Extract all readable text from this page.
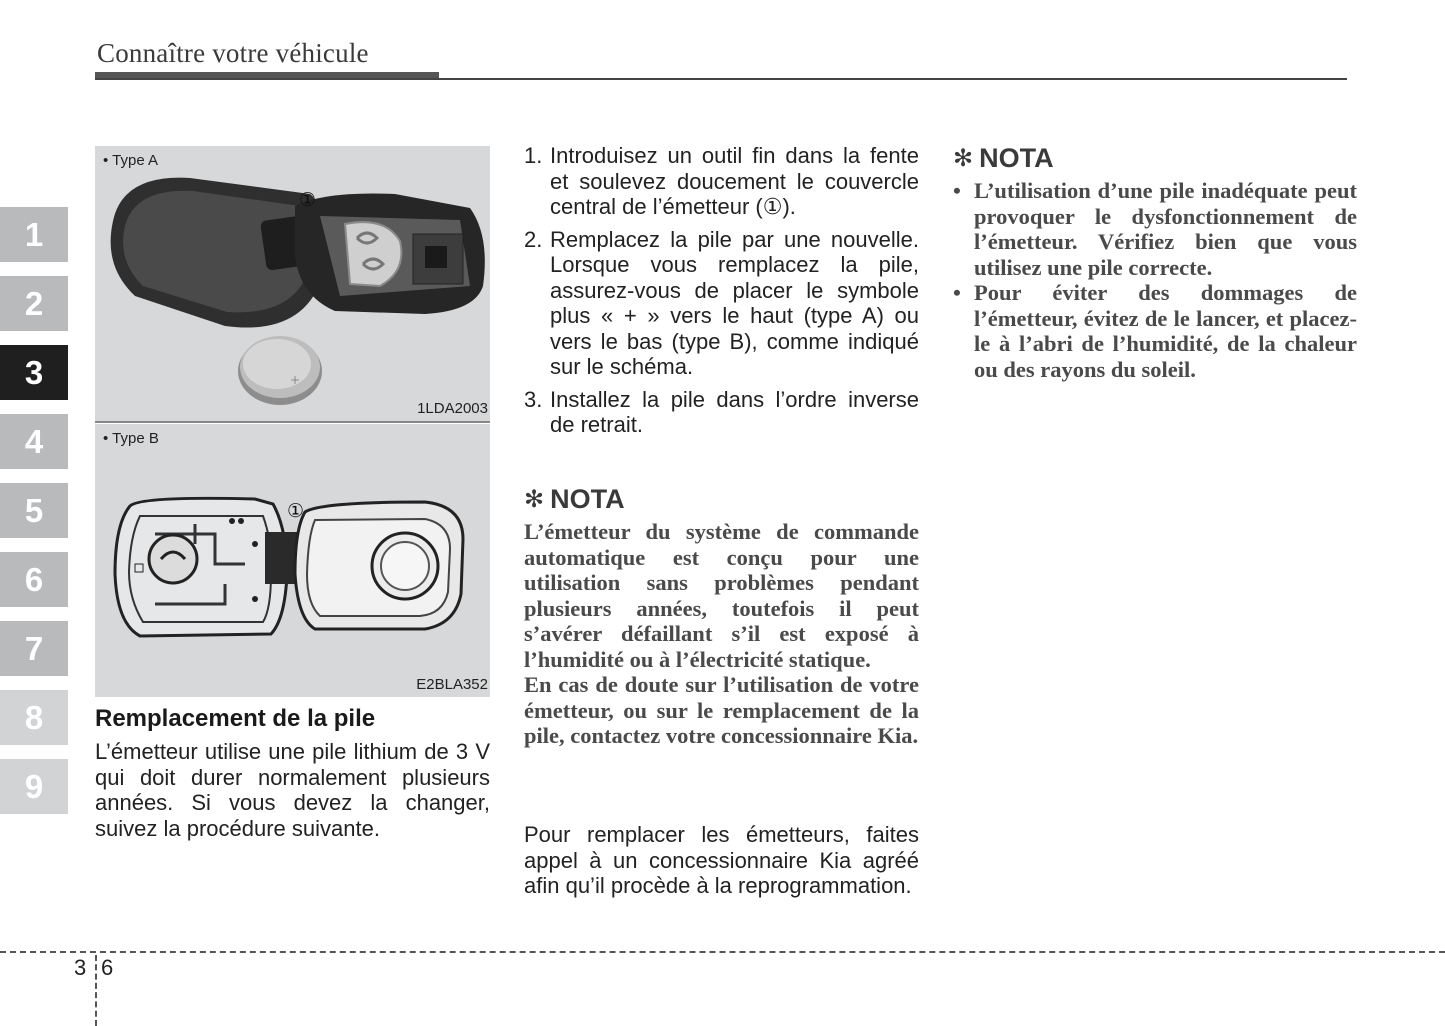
Connaître votre véhicule
1
2
3
4
5
6
7
8
9
+
• Type A
①
1LDA2003
• Type B
①
E2BLA352
Remplacement de la pile

L’émetteur utilise une pile lithium de 3 V qui doit durer normalement plusieurs années. Si vous devez la changer, suivez la procédure suivante.

1. Introduisez un outil fin dans la fente et soulevez doucement le couvercle central de l’émetteur (①).
2. Remplacez la pile par une nouvelle. Lorsque vous remplacez la pile, assurez-vous de placer le symbole plus « + » vers le haut (type A) ou vers le bas (type B), comme indiqué sur le schéma.
3. Installez la pile dans l’ordre inverse de retrait.
✻ NOTA

L’émetteur du système de commande automatique est conçu pour une utilisation sans problèmes pendant plusieurs années, toutefois il peut s’avérer défaillant s’il est exposé à l’humidité ou à l’électricité statique.

En cas de doute sur l’utilisation de votre émetteur, ou sur le remplacement de la pile, contactez votre concessionnaire Kia.

Pour remplacer les émetteurs, faites appel à un concessionnaire Kia agréé afin qu’il procède à la reprogrammation.

✻ NOTA
• L’utilisation d’une pile inadéquate peut provoquer le dysfonctionnement de l’émetteur. Vérifiez bien que vous utilisez une pile correcte.

• Pour éviter des dommages de l’émetteur, évitez de le lancer, et placez-le à l’abri de l’humidité, de la chaleur ou des rayons du soleil.

3 6
